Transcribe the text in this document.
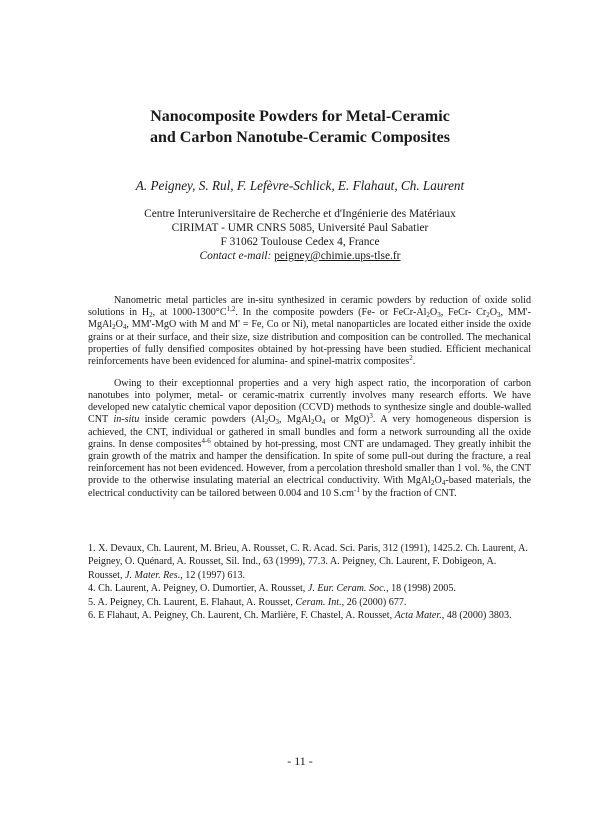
Nanocomposite Powders for Metal-Ceramic
and Carbon Nanotube-Ceramic Composites
A. Peigney, S. Rul, F. Lefèvre-Schlick, E. Flahaut, Ch. Laurent
Centre Interuniversitaire de Recherche et d'Ingénierie des Matériaux
CIRIMAT - UMR CNRS 5085, Université Paul Sabatier
F 31062 Toulouse Cedex 4, France
Contact e-mail: peigney@chimie.ups-tlse.fr

Nanometric metal particles are in-situ synthesized in ceramic powders by reduction of oxide solid solutions in $H_2$, at $1000-1300^\circ C^{1,2}$. In the composite powders (Fe- or FeCr-$Al_2O_3$, FeCr- $Cr_2O_3$, $MM'-MgAl_2O_4$, MM'-MgO with M and M' = Fe, Co or Ni), metal nanoparticles are located either inside the oxide grains or at their surface, and their size, size distribution and composition can be controlled. The mechanical properties of fully densified composites obtained by hot-pressing have been studied. Efficient mechanical reinforcements have been evidenced for alumina- and spinel-matrix composites$^2$.

Owing to their exceptionnal properties and a very high aspect ratio, the incorporation of carbon nanotubes into polymer, metal- or ceramic-matrix currently involves many research efforts. We have developed new catalytic chemical vapor deposition (CCVD) methods to synthesize single and double-walled CNT in-situ inside ceramic powders ($Al_2O_3$, $MgAl_2O_4$ or MgO)$^3$. A very homogeneous dispersion is achieved, the CNT, individual or gathered in small bundles and form a network surrounding all the oxide grains. In dense composites$^{4-6}$ obtained by hot-pressing, most CNT are undamaged. They greatly inhibit the grain growth of the matrix and hamper the densification. In spite of some pull-out during the fracture, a real reinforcement has not been evidenced. However, from a percolation threshold smaller than 1 vol. %, the CNT provide to the otherwise insulating material an electrical conductivity. With $MgAl_2O_4$-based materials, the electrical conductivity can be tailored between 0.004 and 10 $S.cm^{-1}$ by the fraction of CNT.

1. X. Devaux, Ch. Laurent, M. Brieu, A. Rousset, C. R. Acad. Sci. Paris, 312 (1991), 1425.2. Ch. Laurent, A. Peigney, O. Quénard, A. Rousset, Sil. Ind., 63 (1999), 77.3. A. Peigney, Ch. Laurent, F. Dobigeon, A. Rousset, J. Mater. Res., 12 (1997) 613.

4. Ch. Laurent, A. Peigney, O. Dumortier, A. Rousset, J. Eur. Ceram. Soc., 18 (1998) 2005.

5. A. Peigney, Ch. Laurent, E. Flahaut, A. Rousset, Ceram. Int., 26 (2000) 677.

6. E Flahaut, A. Peigney, Ch. Laurent, Ch. Marlière, F. Chastel, A. Rousset, Acta Mater., 48 (2000) 3803.

- 11 -
